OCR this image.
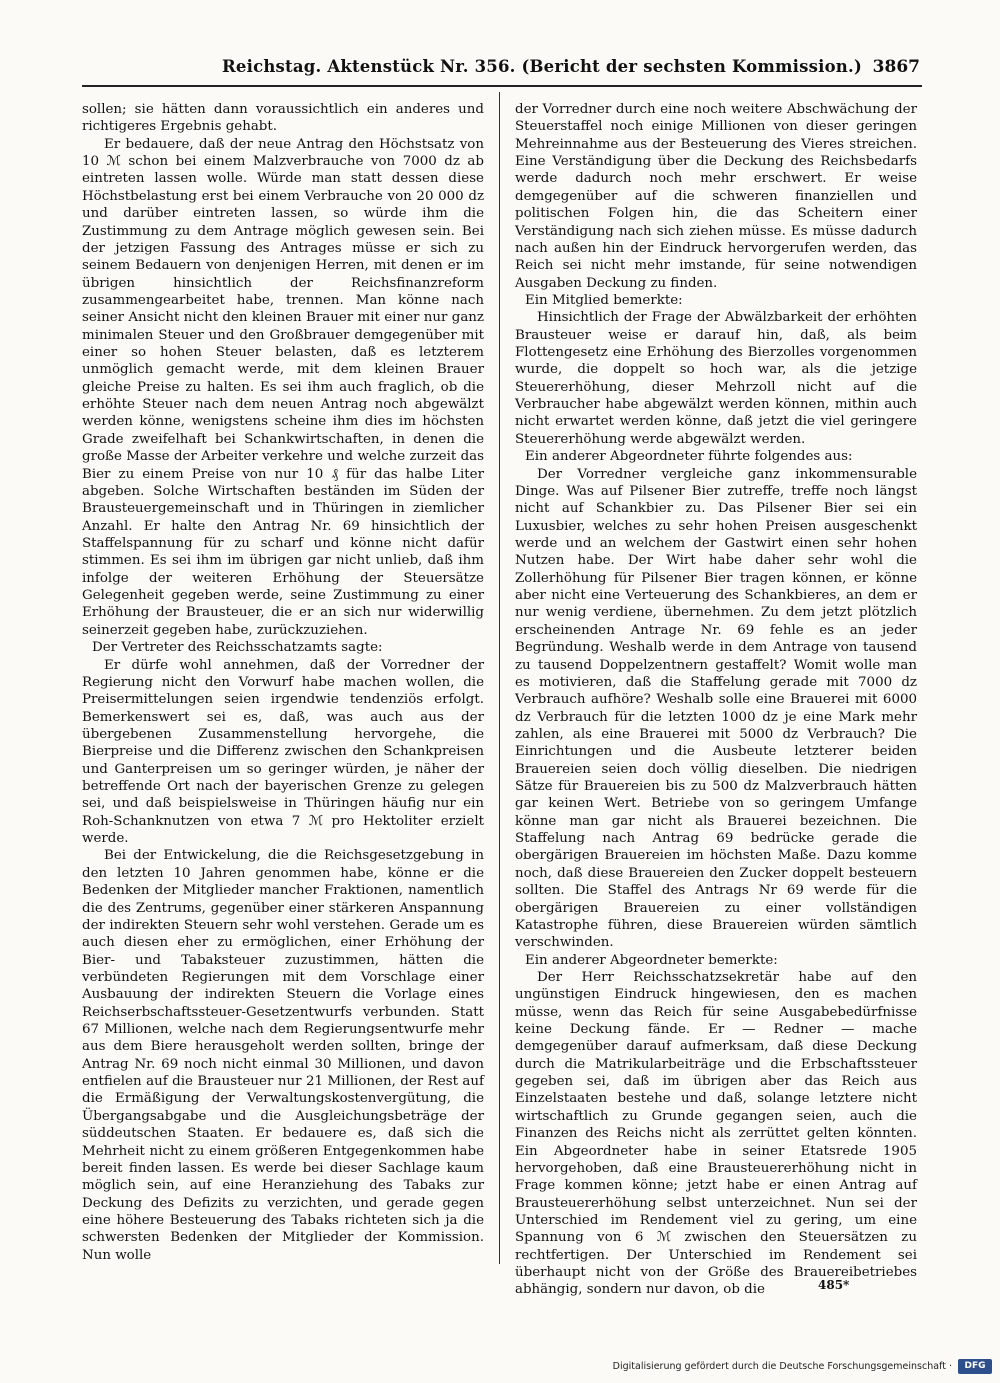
Reichstag. Aktenstück Nr. 356. (Bericht der sechsten Kommission.) 3867

sollen; sie hätten dann voraussichtlich ein anderes und richtigeres Ergebnis gehabt.

Er bedauere, daß der neue Antrag den Höchstsatz von 10 ℳ schon bei einem Malzverbrauche von 7000 dz ab eintreten lassen wolle. Würde man statt dessen diese Höchstbelastung erst bei einem Verbrauche von 20 000 dz und darüber eintreten lassen, so würde ihm die Zustimmung zu dem Antrage möglich gewesen sein. Bei der jetzigen Fassung des Antrages müsse er sich zu seinem Bedauern von denjenigen Herren, mit denen er im übrigen hinsichtlich der Reichsfinanzreform zusammengearbeitet habe, trennen. Man könne nach seiner Ansicht nicht den kleinen Brauer mit einer nur ganz minimalen Steuer und den Großbrauer demgegenüber mit einer so hohen Steuer belasten, daß es letzterem unmöglich gemacht werde, mit dem kleinen Brauer gleiche Preise zu halten. Es sei ihm auch fraglich, ob die erhöhte Steuer nach dem neuen Antrag noch abgewälzt werden könne, wenigstens scheine ihm dies im höchsten Grade zweifelhaft bei Schankwirtschaften, in denen die große Masse der Arbeiter verkehre und welche zurzeit das Bier zu einem Preise von nur 10 ₰ für das halbe Liter abgeben. Solche Wirtschaften beständen im Süden der Brausteuergemeinschaft und in Thüringen in ziemlicher Anzahl. Er halte den Antrag Nr. 69 hinsichtlich der Staffelspannung für zu scharf und könne nicht dafür stimmen. Es sei ihm im übrigen gar nicht unlieb, daß ihm infolge der weiteren Erhöhung der Steuersätze Gelegenheit gegeben werde, seine Zustimmung zu einer Erhöhung der Brausteuer, die er an sich nur widerwillig seinerzeit gegeben habe, zurückzuziehen.

Der Vertreter des Reichsschatzamts sagte:

Er dürfe wohl annehmen, daß der Vorredner der Regierung nicht den Vorwurf habe machen wollen, die Preisermittelungen seien irgendwie tendenziös erfolgt. Bemerkenswert sei es, daß, was auch aus der übergebenen Zusammenstellung hervorgehe, die Bierpreise und die Differenz zwischen den Schankpreisen und Ganterpreisen um so geringer würden, je näher der betreffende Ort nach der bayerischen Grenze zu gelegen sei, und daß beispielsweise in Thüringen häufig nur ein Roh-Schanknutzen von etwa 7 ℳ pro Hektoliter erzielt werde.

Bei der Entwickelung, die die Reichsgesetzgebung in den letzten 10 Jahren genommen habe, könne er die Bedenken der Mitglieder mancher Fraktionen, namentlich die des Zentrums, gegenüber einer stärkeren Anspannung der indirekten Steuern sehr wohl verstehen. Gerade um es auch diesen eher zu ermöglichen, einer Erhöhung der Bier- und Tabaksteuer zuzustimmen, hätten die verbündeten Regierungen mit dem Vorschlage einer Ausbauung der indirekten Steuern die Vorlage eines Reichserbschaftssteuer-Gesetzentwurfs verbunden. Statt 67 Millionen, welche nach dem Regierungsentwurfe mehr aus dem Biere herausgeholt werden sollten, bringe der Antrag Nr. 69 noch nicht einmal 30 Millionen, und davon entfielen auf die Brausteuer nur 21 Millionen, der Rest auf die Ermäßigung der Verwaltungskostenvergütung, die Übergangsabgabe und die Ausgleichungsbeträge der süddeutschen Staaten. Er bedauere es, daß sich die Mehrheit nicht zu einem größeren Entgegenkommen habe bereit finden lassen. Es werde bei dieser Sachlage kaum möglich sein, auf eine Heranziehung des Tabaks zur Deckung des Defizits zu verzichten, und gerade gegen eine höhere Besteuerung des Tabaks richteten sich ja die schwersten Bedenken der Mitglieder der Kommission. Nun wolle

der Vorredner durch eine noch weitere Abschwächung der Steuerstaffel noch einige Millionen von dieser geringen Mehreinnahme aus der Besteuerung des Vieres streichen. Eine Verständigung über die Deckung des Reichsbedarfs werde dadurch noch mehr erschwert. Er weise demgegenüber auf die schweren finanziellen und politischen Folgen hin, die das Scheitern einer Verständigung nach sich ziehen müsse. Es müsse dadurch nach außen hin der Eindruck hervorgerufen werden, das Reich sei nicht mehr imstande, für seine notwendigen Ausgaben Deckung zu finden.

Ein Mitglied bemerkte:

Hinsichtlich der Frage der Abwälzbarkeit der erhöhten Brausteuer weise er darauf hin, daß, als beim Flottengesetz eine Erhöhung des Bierzolles vorgenommen wurde, die doppelt so hoch war, als die jetzige Steuererhöhung, dieser Mehrzoll nicht auf die Verbraucher habe abgewälzt werden können, mithin auch nicht erwartet werden könne, daß jetzt die viel geringere Steuererhöhung werde abgewälzt werden.

Ein anderer Abgeordneter führte folgendes aus:

Der Vorredner vergleiche ganz inkommensurable Dinge. Was auf Pilsener Bier zutreffe, treffe noch längst nicht auf Schankbier zu. Das Pilsener Bier sei ein Luxusbier, welches zu sehr hohen Preisen ausgeschenkt werde und an welchem der Gastwirt einen sehr hohen Nutzen habe. Der Wirt habe daher sehr wohl die Zollerhöhung für Pilsener Bier tragen können, er könne aber nicht eine Verteuerung des Schankbieres, an dem er nur wenig verdiene, übernehmen. Zu dem jetzt plötzlich erscheinenden Antrage Nr. 69 fehle es an jeder Begründung. Weshalb werde in dem Antrage von tausend zu tausend Doppelzentnern gestaffelt? Womit wolle man es motivieren, daß die Staffelung gerade mit 7000 dz Verbrauch aufhöre? Weshalb solle eine Brauerei mit 6000 dz Verbrauch für die letzten 1000 dz je eine Mark mehr zahlen, als eine Brauerei mit 5000 dz Verbrauch? Die Einrichtungen und die Ausbeute letzterer beiden Brauereien seien doch völlig dieselben. Die niedrigen Sätze für Brauereien bis zu 500 dz Malzverbrauch hätten gar keinen Wert. Betriebe von so geringem Umfange könne man gar nicht als Brauerei bezeichnen. Die Staffelung nach Antrag 69 bedrücke gerade die obergärigen Brauereien im höchsten Maße. Dazu komme noch, daß diese Brauereien den Zucker doppelt besteuern sollten. Die Staffel des Antrags Nr 69 werde für die obergärigen Brauereien zu einer vollständigen Katastrophe führen, diese Brauereien würden sämtlich verschwinden.

Ein anderer Abgeordneter bemerkte:

Der Herr Reichsschatzsekretär habe auf den ungünstigen Eindruck hingewiesen, den es machen müsse, wenn das Reich für seine Ausgabebedürfnisse keine Deckung fände. Er — Redner — mache demgegenüber darauf aufmerksam, daß diese Deckung durch die Matrikularbeiträge und die Erbschaftssteuer gegeben sei, daß im übrigen aber das Reich aus Einzelstaaten bestehe und daß, solange letztere nicht wirtschaftlich zu Grunde gegangen seien, auch die Finanzen des Reichs nicht als zerrüttet gelten könnten. Ein Abgeordneter habe in seiner Etatsrede 1905 hervorgehoben, daß eine Brausteuererhöhung nicht in Frage kommen könne; jetzt habe er einen Antrag auf Brausteuererhöhung selbst unterzeichnet. Nun sei der Unterschied im Rendement viel zu gering, um eine Spannung von 6 ℳ zwischen den Steuersätzen zu rechtfertigen. Der Unterschied im Rendement sei überhaupt nicht von der Größe des Brauereibetriebes abhängig, sondern nur davon, ob die	485*
Digitalisierung gefördert durch die Deutsche Forschungsgemeinschaft ·	DFG
